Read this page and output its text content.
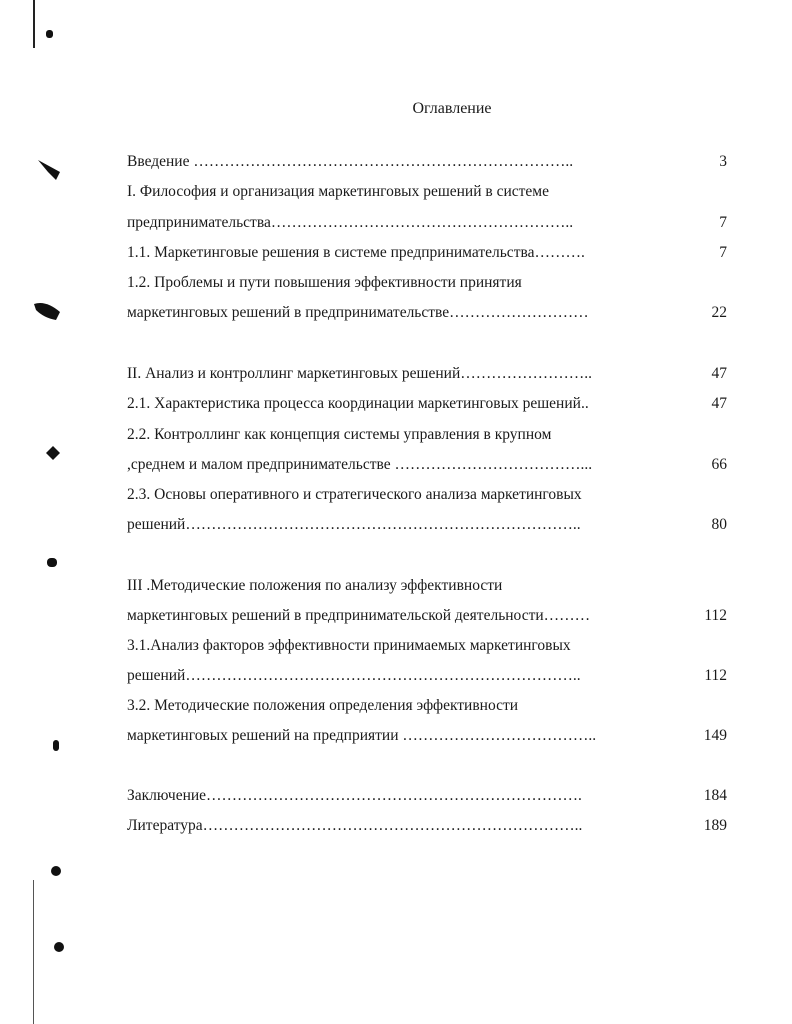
Оглавление
Введение ………………………………………………………………..	3
I. Философия и организация маркетинговых решений в системе
предпринимательства…………………………………………………..	7
1.1. Маркетинговые решения в системе предпринимательства……….	7
1.2. Проблемы и пути повышения эффективности принятия
маркетинговых решений в предпринимательстве………………………	22
II. Анализ и контроллинг маркетинговых решений……………………..	47
2.1. Характеристика процесса координации маркетинговых решений..	47
2.2. Контроллинг как концепция системы управления в крупном
,среднем и малом предпринимательстве ………………………………...	66
2.3. Основы оперативного и стратегического анализа маркетинговых
решений…………………………………………………………………..	80
III .Методические положения по анализу эффективности
маркетинговых решений в предпринимательской деятельности………	112
3.1.Анализ факторов эффективности принимаемых маркетинговых
решений…………………………………………………………………..	112
3.2. Методические положения определения эффективности
маркетинговых решений на предприятии ………………………………..	149
Заключение……………………………………………………………….	184
Литература………………………………………………………………..	189
